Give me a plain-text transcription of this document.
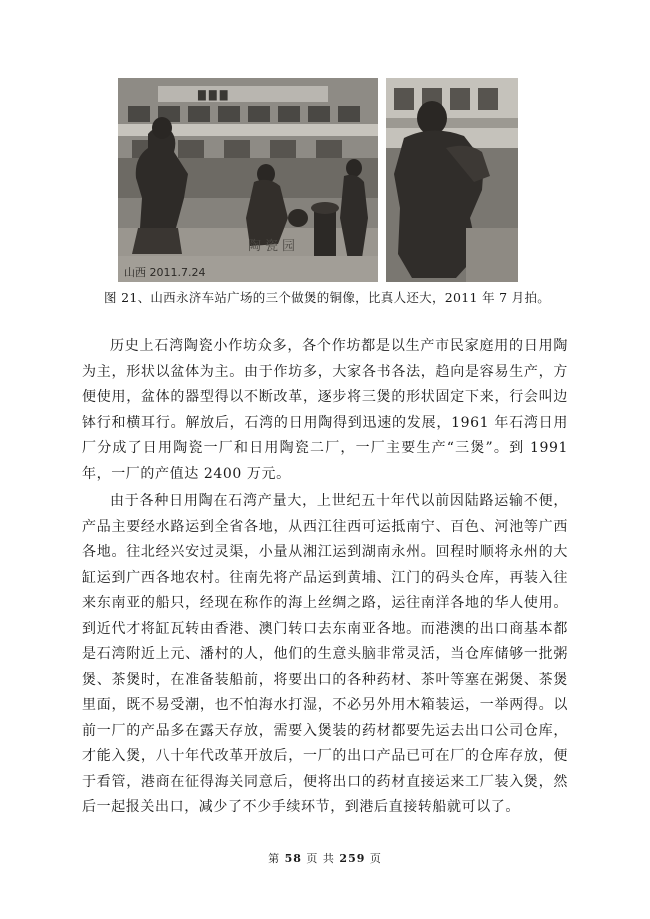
▇ ▇ ▇
山西 2011.7.24
陶瓷园
图 21、山西永济车站广场的三个做煲的铜像，比真人还大，2011 年 7 月拍。

历史上石湾陶瓷小作坊众多，各个作坊都是以生产市民家庭用的日用陶为主，形状以盆体为主。由于作坊多，大家各书各法，趋向是容易生产，方便使用，盆体的器型得以不断改革，逐步将三煲的形状固定下来，行会叫边钵行和横耳行。解放后，石湾的日用陶得到迅速的发展，1961 年石湾日用厂分成了日用陶瓷一厂和日用陶瓷二厂，一厂主要生产“三煲”。到 1991 年，一厂的产值达 2400 万元。

由于各种日用陶在石湾产量大，上世纪五十年代以前因陆路运输不便，产品主要经水路运到全省各地，从西江往西可运抵南宁、百色、河池等广西各地。往北经兴安过灵渠，小量从湘江运到湖南永州。回程时顺将永州的大缸运到广西各地农村。往南先将产品运到黄埔、江门的码头仓库，再装入往来东南亚的船只，经现在称作的海上丝绸之路，运往南洋各地的华人使用。到近代才将缸瓦转由香港、澳门转口去东南亚各地。而港澳的出口商基本都是石湾附近上元、潘村的人，他们的生意头脑非常灵活，当仓库储够一批粥煲、茶煲时，在准备装船前，将要出口的各种药材、茶叶等塞在粥煲、茶煲里面，既不易受潮，也不怕海水打湿，不必另外用木箱装运，一举两得。以前一厂的产品多在露天存放，需要入煲装的药材都要先运去出口公司仓库，才能入煲，八十年代改革开放后，一厂的出口产品已可在厂的仓库存放，便于看管，港商在征得海关同意后，便将出口的药材直接运来工厂装入煲，然后一起报关出口，减少了不少手续环节，到港后直接转船就可以了。

第 58 页 共 259 页
